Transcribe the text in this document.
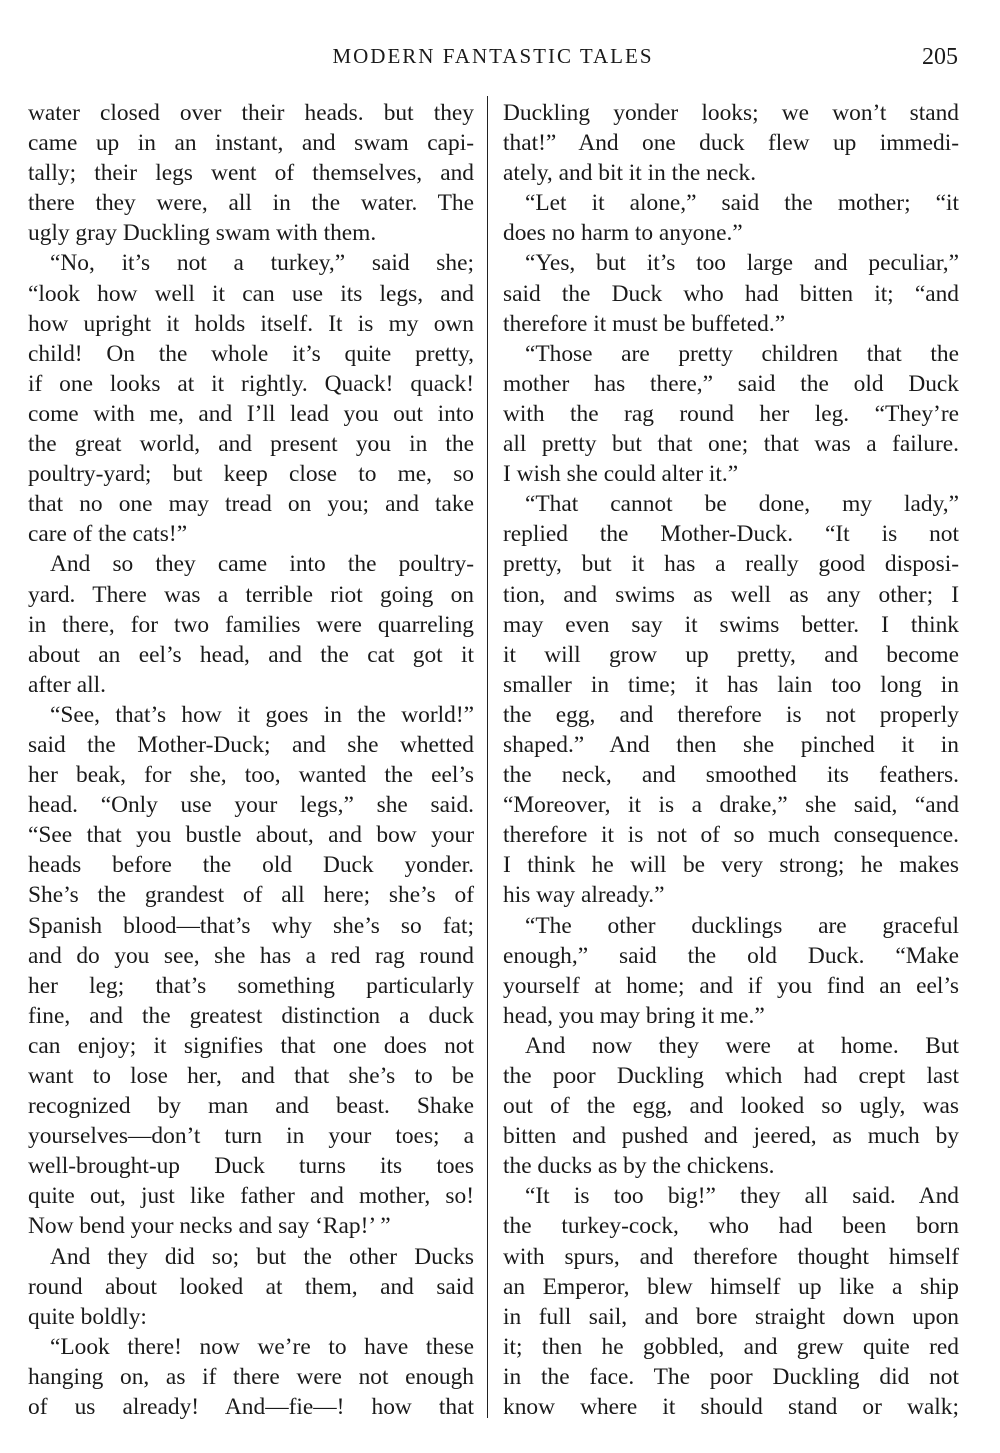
MODERN FANTASTIC TALES	205
water closed over their heads. but they
came up in an instant, and swam capi-
tally; their legs went of themselves, and
there they were, all in the water. The
ugly gray Duckling swam with them.
“No, it’s not a turkey,” said she;
“look how well it can use its legs, and
how upright it holds itself. It is my own
child! On the whole it’s quite pretty,
if one looks at it rightly. Quack! quack!
come with me, and I’ll lead you out into
the great world, and present you in the
poultry-yard; but keep close to me, so
that no one may tread on you; and take
care of the cats!”
And so they came into the poultry-
yard. There was a terrible riot going on
in there, for two families were quarreling
about an eel’s head, and the cat got it
after all.
“See, that’s how it goes in the world!”
said the Mother-Duck; and she whetted
her beak, for she, too, wanted the eel’s
head. “Only use your legs,” she said.
“See that you bustle about, and bow your
heads before the old Duck yonder.
She’s the grandest of all here; she’s of
Spanish blood—that’s why she’s so fat;
and do you see, she has a red rag round
her leg; that’s something particularly
fine, and the greatest distinction a duck
can enjoy; it signifies that one does not
want to lose her, and that she’s to be
recognized by man and beast. Shake
yourselves—don’t turn in your toes; a
well-brought-up Duck turns its toes
quite out, just like father and mother, so!
Now bend your necks and say ‘Rap!’ ”
And they did so; but the other Ducks
round about looked at them, and said
quite boldly:
“Look there! now we’re to have these
hanging on, as if there were not enough
of us already! And—fie—! how that
Duckling yonder looks; we won’t stand
that!” And one duck flew up immedi-
ately, and bit it in the neck.
“Let it alone,” said the mother; “it
does no harm to anyone.”
“Yes, but it’s too large and peculiar,”
said the Duck who had bitten it; “and
therefore it must be buffeted.”
“Those are pretty children that the
mother has there,” said the old Duck
with the rag round her leg. “They’re
all pretty but that one; that was a failure.
I wish she could alter it.”
“That cannot be done, my lady,”
replied the Mother-Duck. “It is not
pretty, but it has a really good disposi-
tion, and swims as well as any other; I
may even say it swims better. I think
it will grow up pretty, and become
smaller in time; it has lain too long in
the egg, and therefore is not properly
shaped.” And then she pinched it in
the neck, and smoothed its feathers.
“Moreover, it is a drake,” she said, “and
therefore it is not of so much consequence.
I think he will be very strong; he makes
his way already.”
“The other ducklings are graceful
enough,” said the old Duck. “Make
yourself at home; and if you find an eel’s
head, you may bring it me.”
And now they were at home. But
the poor Duckling which had crept last
out of the egg, and looked so ugly, was
bitten and pushed and jeered, as much by
the ducks as by the chickens.
“It is too big!” they all said. And
the turkey-cock, who had been born
with spurs, and therefore thought himself
an Emperor, blew himself up like a ship
in full sail, and bore straight down upon
it; then he gobbled, and grew quite red
in the face. The poor Duckling did not
know where it should stand or walk;
